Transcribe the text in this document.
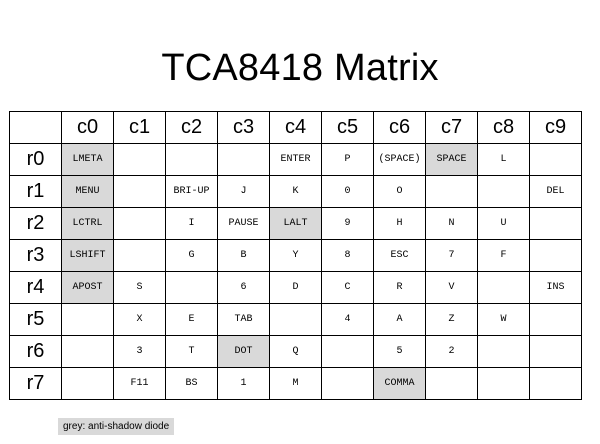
TCA8418 Matrix
	c0	c1	c2	c3	c4	c5	c6	c7	c8	c9
r0	LMETA				ENTER	P	(SPACE)	SPACE	L	
r1	MENU		BRI-UP	J	K	0	O			DEL
r2	LCTRL		I	PAUSE	LALT	9	H	N	U	
r3	LSHIFT		G	B	Y	8	ESC	7	F	
r4	APOST	S		6	D	C	R	V		INS
r5		X	E	TAB		4	A	Z	W	
r6		3	T	DOT	Q		5	2		
r7		F11	BS	1	M		COMMA			
grey: anti-shadow diode
